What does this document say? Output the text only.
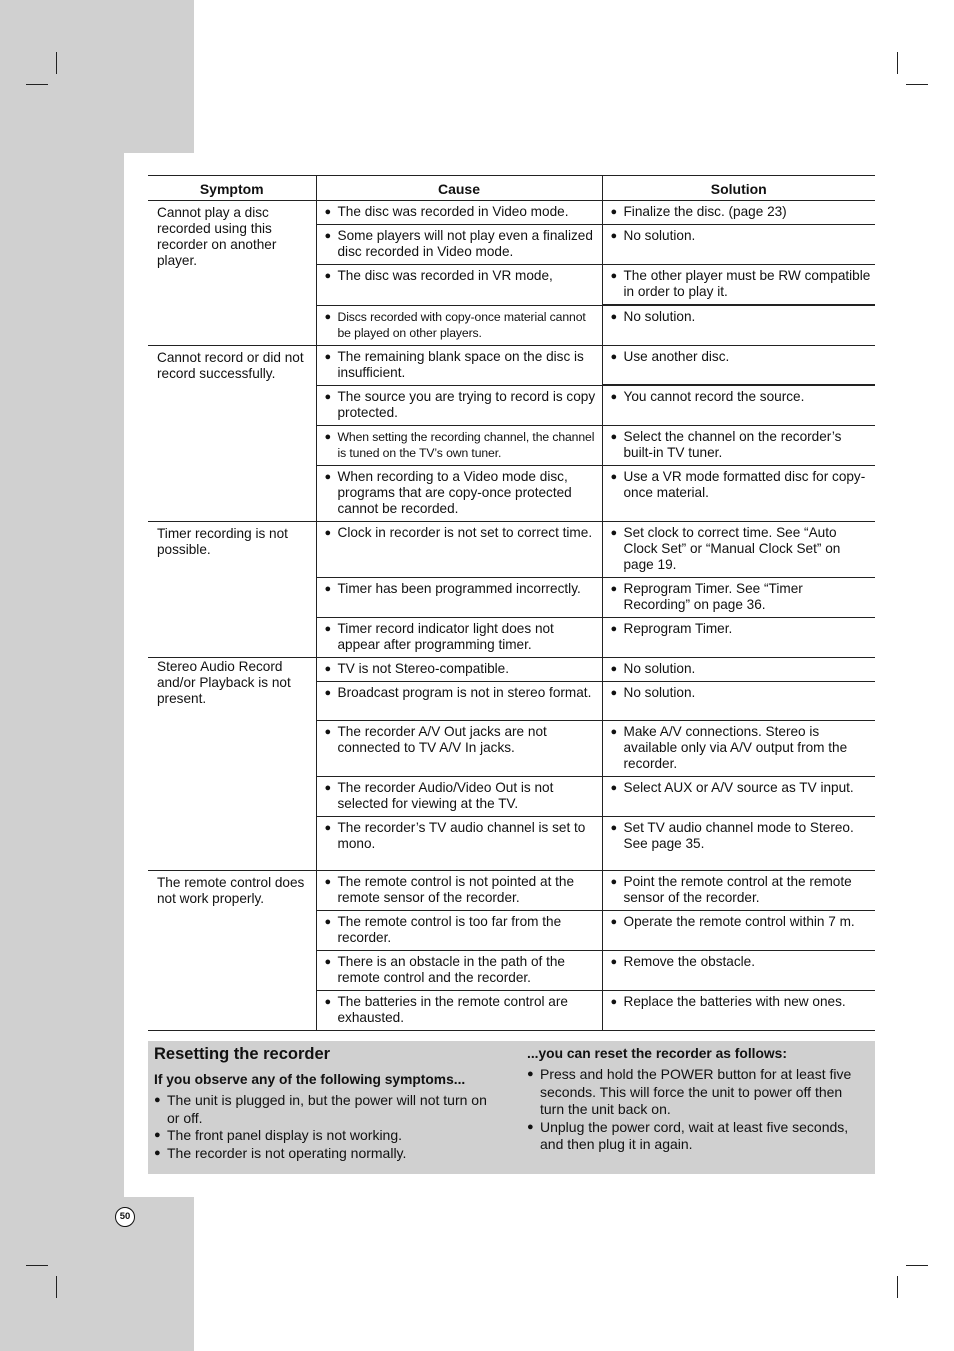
Symptom	Cause	Solution
Cannot play a disc recorded using this recorder on another player.	● The disc was recorded in Video mode.	● Finalize the disc. (page 23)

	● Some players will not play even a finalized disc recorded in Video mode.	● No solution.

	● The disc was recorded in VR mode,	● The other player must be RW compatible in order to play it.

	● Discs recorded with copy-once material cannot be played on other players.	● No solution.

Cannot record or did not record successfully.	● The remaining blank space on the disc is insufficient.	● Use another disc.

	● The source you are trying to record is copy protected.	● You cannot record the source.

	● When setting the recording channel, the channel is tuned on the TV’s own tuner.	● Select the channel on the recorder’s built-in TV tuner.

	● When recording to a Video mode disc, programs that are copy-once protected cannot be recorded.	● Use a VR mode formatted disc for copy-once material.

Timer recording is not possible.	● Clock in recorder is not set to correct time.	● Set clock to correct time. See “Auto Clock Set” or “Manual Clock Set” on page 19.

	● Timer has been programmed incorrectly.	● Reprogram Timer. See “Timer Recording” on page 36.

	● Timer record indicator light does not appear after programming timer.	● Reprogram Timer.

Stereo Audio Record and/or Playback is not present.	● TV is not Stereo-compatible.	● No solution.

	● Broadcast program is not in stereo format.	● No solution.

	● The recorder A/V Out jacks are not connected to TV A/V In jacks.	● Make A/V connections. Stereo is available only via A/V output from the recorder.

	● The recorder Audio/Video Out is not selected for viewing at the TV.	● Select AUX or A/V source as TV input.

	● The recorder’s TV audio channel is set to mono.	● Set TV audio channel mode to Stereo. See page 35.

The remote control does not work properly.	● The remote control is not pointed at the remote sensor of the recorder.	● Point the remote control at the remote sensor of the recorder.

	● The remote control is too far from the recorder.	● Operate the remote control within 7 m.

	● There is an obstacle in the path of the remote control and the recorder.	● Remove the obstacle.

	● The batteries in the remote control are exhausted.	● Replace the batteries with new ones.
Resetting the recorder
If you observe any of the following symptoms...
● The unit is plugged in, but the power will not turn on or off.
● The front panel display is not working.
● The recorder is not operating normally.
...you can reset the recorder as follows:
● Press and hold the POWER button for at least five seconds. This will force the unit to power off then turn the unit back on.
● Unplug the power cord, wait at least five seconds, and then plug it in again.
50
